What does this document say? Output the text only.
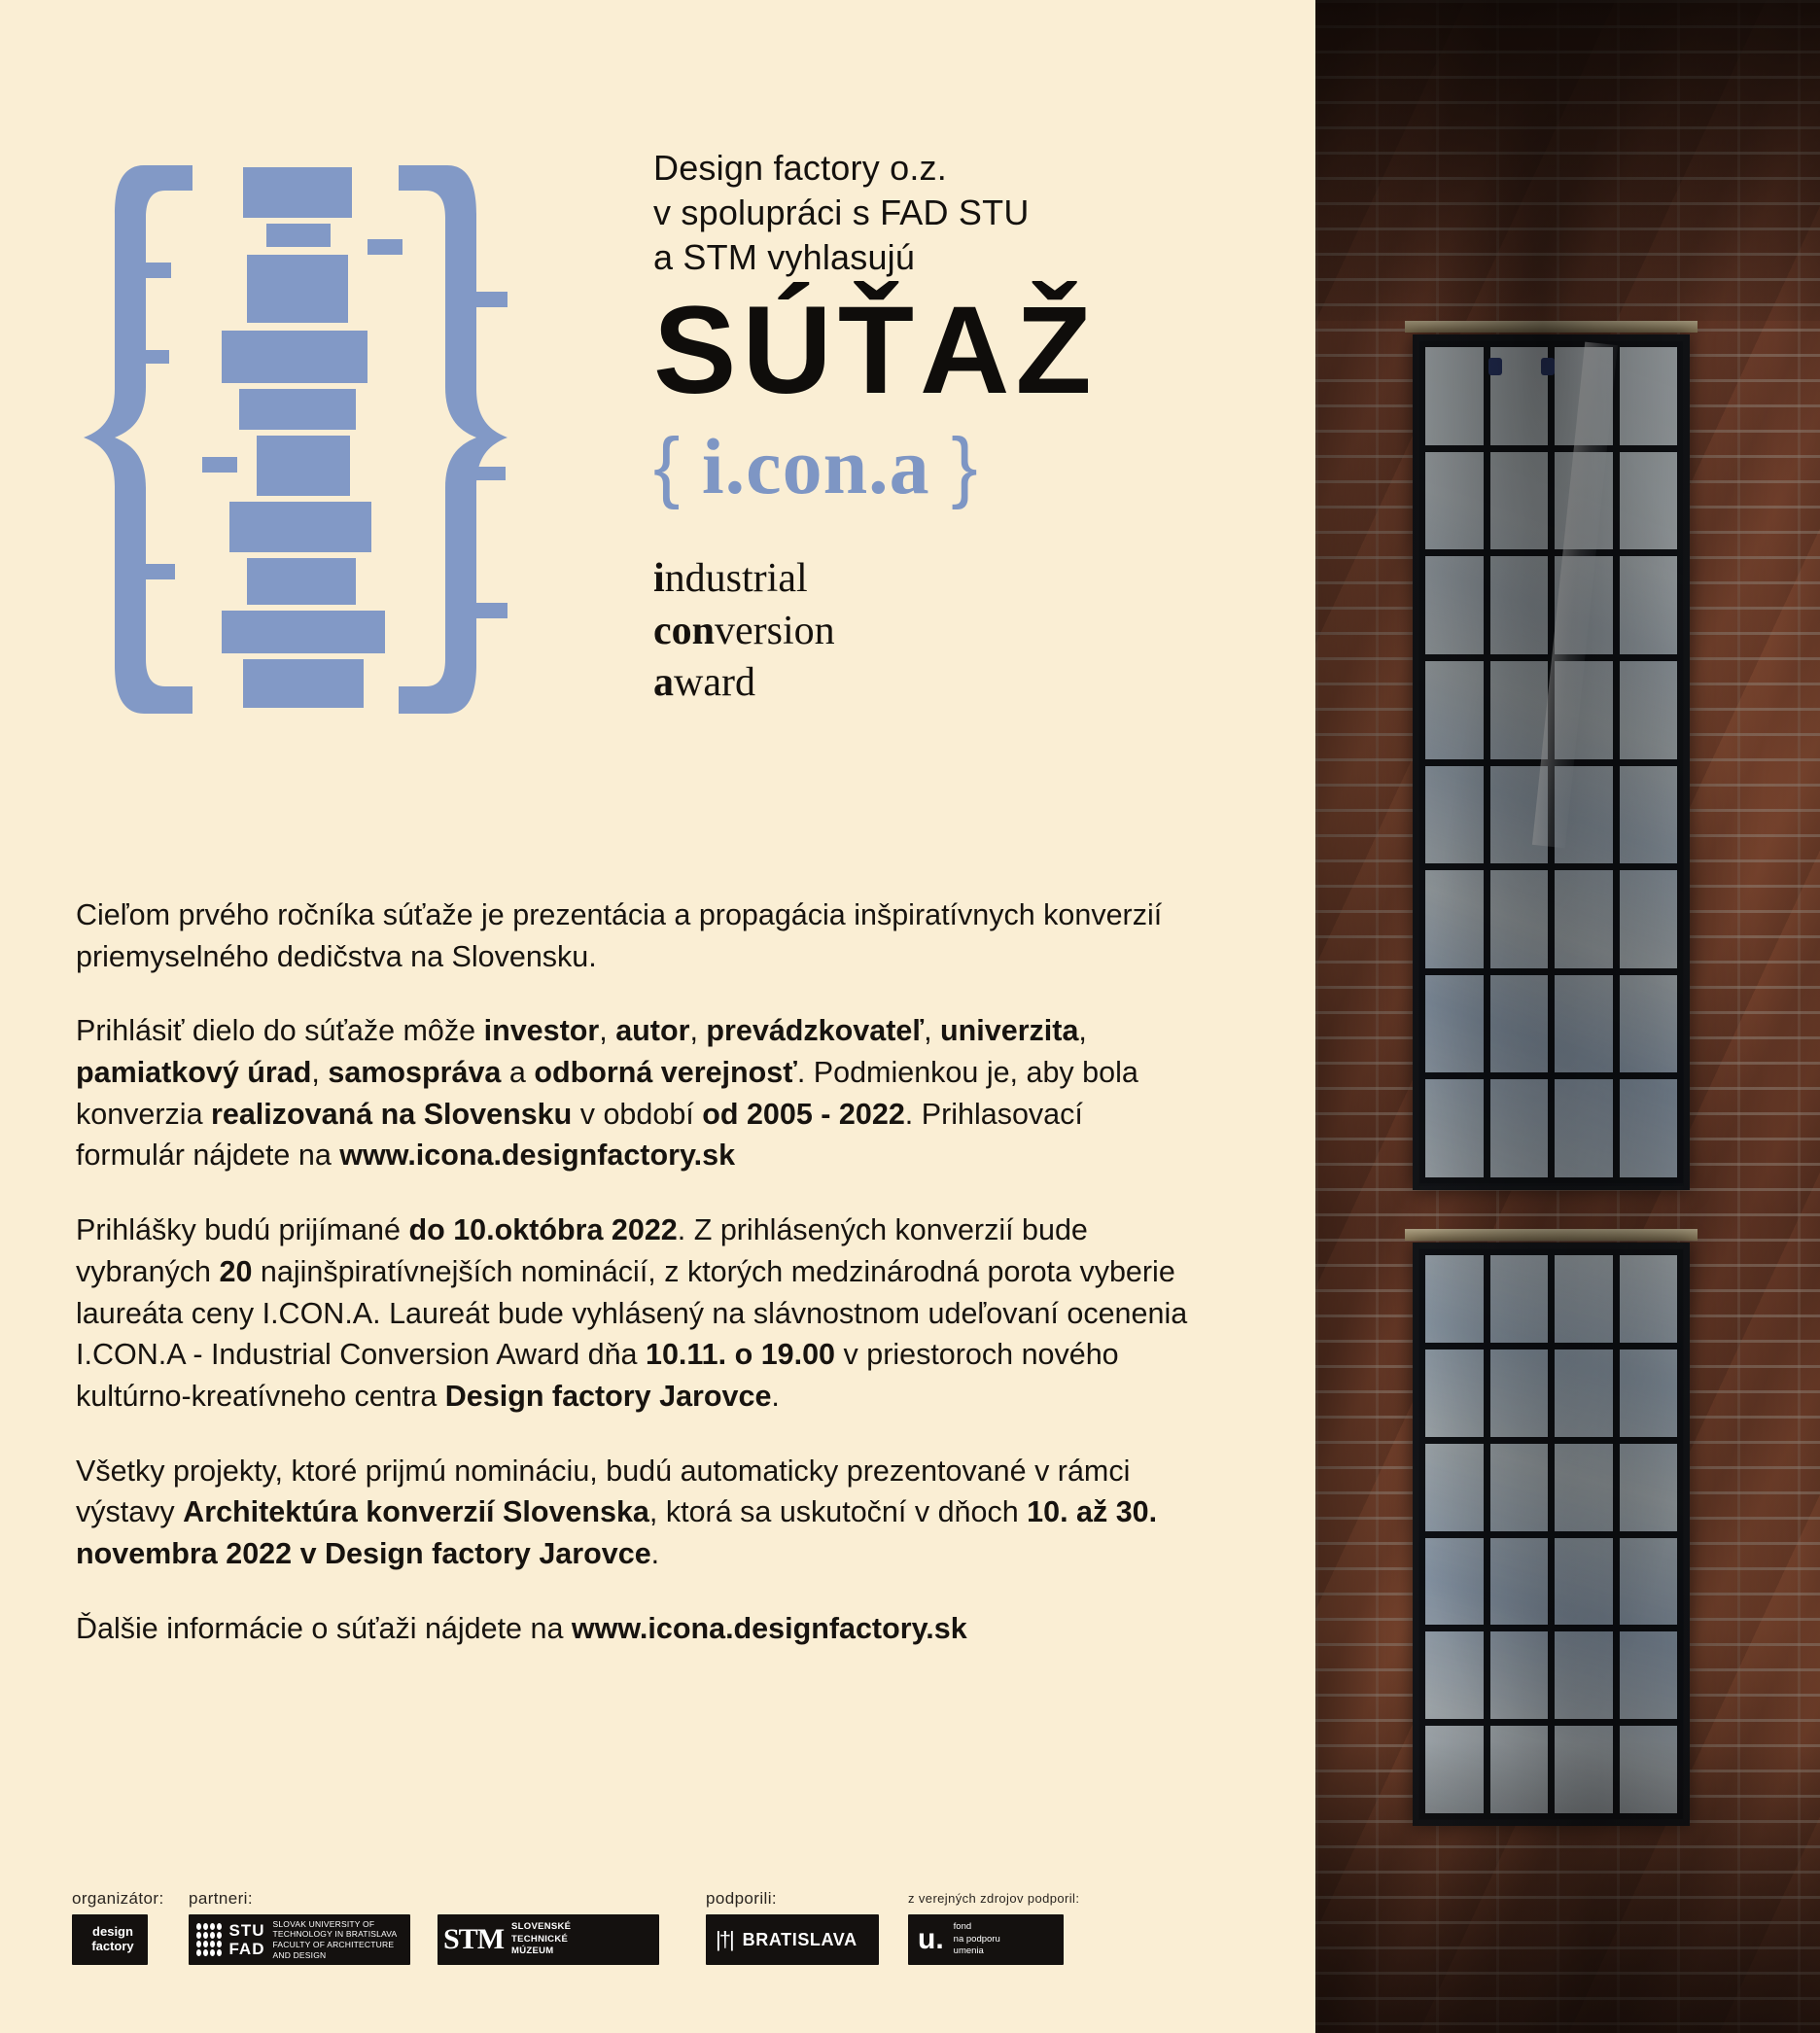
Design factory o.z.
v spolupráci s FAD STU
a STM vyhlasujú
SÚŤAŽ
{ i.con.a }
industrial
conversion
award

Cieľom prvého ročníka súťaže je prezentácia a propagácia inšpiratívnych konverzií priemyselného dedičstva na Slovensku.

Prihlásiť dielo do súťaže môže investor, autor, prevádzkovateľ, univerzita, pamiatkový úrad, samospráva a odborná verejnosť. Podmienkou je, aby bola konverzia realizovaná na Slovensku v období od 2005 - 2022. Prihlasovací formulár nájdete na www.icona.designfactory.sk

Prihlášky budú prijímané do 10.októbra 2022. Z prihlásených konverzií bude vybraných 20 najinšpiratívnejších nominácií, z ktorých medzinárodná porota vyberie laureáta ceny I.CON.A. Laureát bude vyhlásený na slávnostnom udeľovaní ocenenia I.CON.A - Industrial Conversion Award dňa 10.11. o 19.00 v priestoroch nového kultúrno-kreatívneho centra Design factory Jarovce.

Všetky projekty, ktoré prijmú nomináciu, budú automaticky prezentované v rámci výstavy Architektúra konverzií Slovenska, ktorá sa uskutoční v dňoch 10. až 30. novembra 2022 v Design factory Jarovce.

Ďalšie informácie o súťaži nájdete na www.icona.designfactory.sk

organizátor: partneri:	podporili:	z verejných zdrojov podporil:
design
factory
STU
FAD
SLOVAK UNIVERSITY OF
TECHNOLOGY IN BRATISLAVA
FACULTY OF ARCHITECTURE AND DESIGN	STM SLOVENSKÉ
TECHNICKÉ
MÚZEUM	|†| BRATISLAVA u. fond
na podporu
umenia
